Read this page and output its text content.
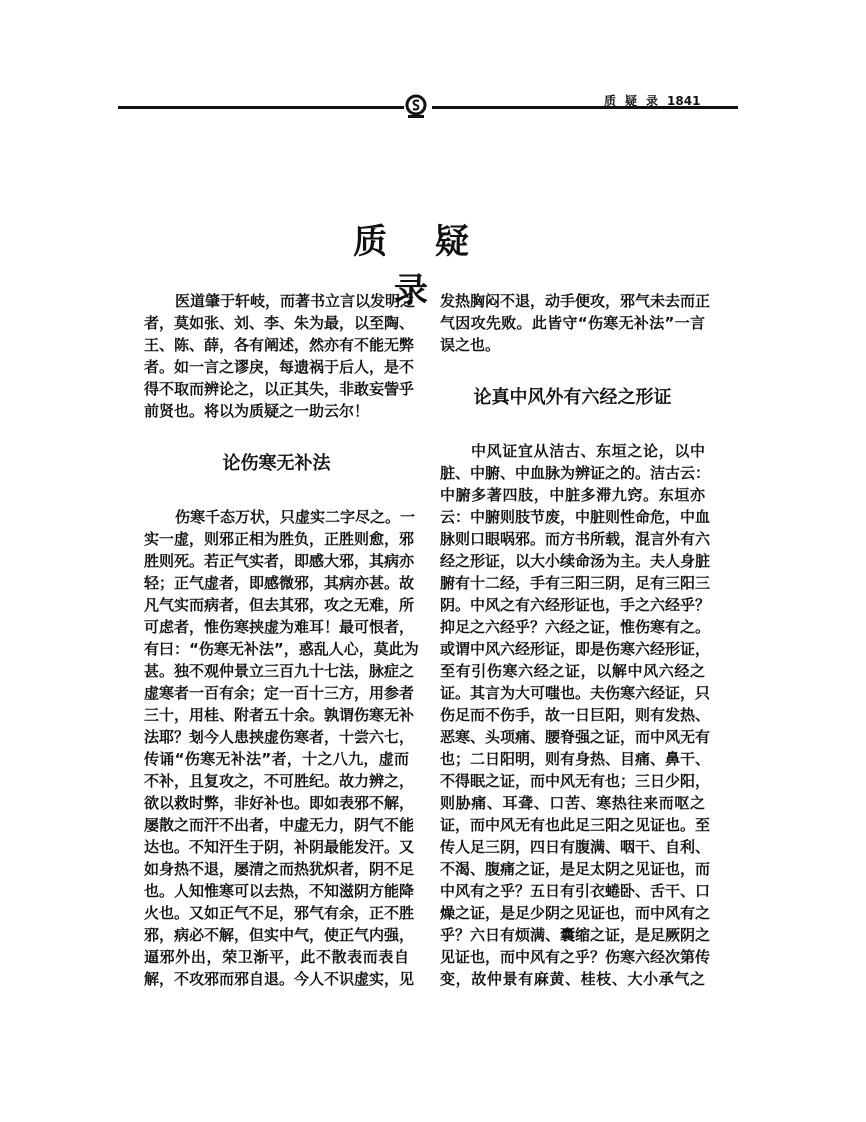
质 疑 录 1841
质 疑 录
医道肇于轩岐，而著书立言以发明之
者，莫如张、刘、李、朱为最，以至陶、
王、陈、薛，各有阐述，然亦有不能无弊
者。如一言之谬戾，每遗祸于后人，是不
得不取而辨论之，以正其失，非敢妄訾乎
前贤也。将以为质疑之一助云尔！
论伤寒无补法
伤寒千态万状，只虚实二字尽之。一
实一虚，则邪正相为胜负，正胜则愈，邪
胜则死。若正气实者，即感大邪，其病亦
轻；正气虚者，即感微邪，其病亦甚。故
凡气实而病者，但去其邪，攻之无难，所
可虑者，惟伤寒挟虚为难耳！最可恨者，
有曰：“伤寒无补法”，惑乱人心，莫此为
甚。独不观仲景立三百九十七法，脉症之
虚寒者一百有余；定一百十三方，用参者
三十，用桂、附者五十余。孰谓伤寒无补
法耶？刬今人患挟虚伤寒者，十尝六七，
传诵“伤寒无补法”者，十之八九，虚而
不补，且复攻之，不可胜纪。故力辨之，
欲以救时弊，非好补也。即如表邪不解，
屡散之而汗不出者，中虚无力，阴气不能
达也。不知汗生于阴，补阴最能发汗。又
如身热不退，屡清之而热犹炽者，阴不足
也。人知惟寒可以去热，不知滋阴方能降
火也。又如正气不足，邪气有余，正不胜
邪，病必不解，但实中气，使正气内强，
逼邪外出，荣卫渐平，此不散表而表自
解，不攻邪而邪自退。今人不识虚实，见
发热胸闷不退，动手便攻，邪气未去而正
气因攻先败。此皆守“伤寒无补法”一言
误之也。
论真中风外有六经之形证
中风证宜从洁古、东垣之论，以中
脏、中腑、中血脉为辨证之的。洁古云：
中腑多著四肢，中脏多滞九窍。东垣亦
云：中腑则肢节废，中脏则性命危，中血
脉则口眼㖞邪。而方书所载，混言外有六
经之形证，以大小续命汤为主。夫人身脏
腑有十二经，手有三阳三阴，足有三阳三
阴。中风之有六经形证也，手之六经乎？
抑足之六经乎？六经之证，惟伤寒有之。
或谓中风六经形证，即是伤寒六经形证，
至有引伤寒六经之证，以解中风六经之
证。其言为大可嗤也。夫伤寒六经证，只
伤足而不伤手，故一日巨阳，则有发热、
恶寒、头项痛、腰脊强之证，而中风无有
也；二日阳明，则有身热、目痛、鼻干、
不得眠之证，而中风无有也；三日少阳，
则胁痛、耳聋、口苦、寒热往来而呕之
证，而中风无有也此足三阳之见证也。至
传人足三阴，四日有腹满、咽干、自利、
不渴、腹痛之证，是足太阴之见证也，而
中风有之乎？五日有引衣蜷卧、舌干、口
燥之证，是足少阴之见证也，而中风有之
乎？六日有烦满、囊缩之证，是足厥阴之
见证也，而中风有之乎？伤寒六经次第传
变，故仲景有麻黄、桂枝、大小承气之
